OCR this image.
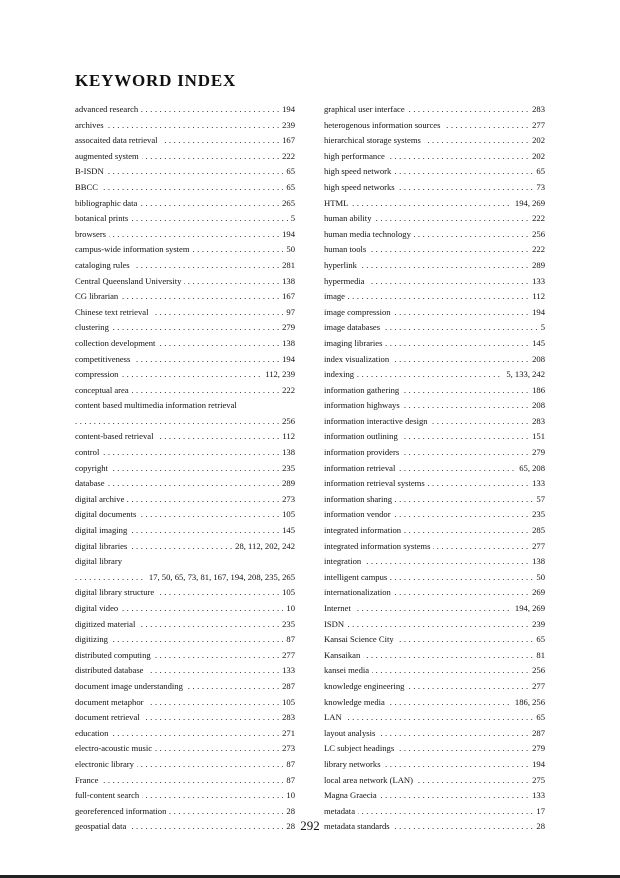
KEYWORD INDEX
. . . advanced research	194
. . . archives	239
. . . assocaited data retrieval	167
. . . augmented system	222
. . . B-ISDN	65
. . . BBCC	65
. . . bibliographic data	265
. . . botanical prints	5
. . . browsers	194
. . . campus-wide information system	50
. . . cataloging rules	281
. . . Central Queensland University	138
. . . CG librarian	167
. . . Chinese text retrieval	97
. . . clustering	279
. . . collection development	138
. . . competitiveness	194
. . . compression	112, 239
. . . conceptual area	222
content based multimedia information retrieval
. . . 256
. . . content-based retrieval	112
. . . control	138
. . . copyright	235
. . . database	289
. . . digital archive	273
. . . digital documents	105
. . . digital imaging	145
. . . digital libraries	28, 112, 202, 242
digital library
. . . 17, 50, 65, 73, 81, 167, 194, 208, 235, 265
. . . digital library structure	105
. . . digital video	10
. . . digitized material	235
. . . digitizing	87
. . . distributed computing	277
. . . distributed database	133
. . . document image understanding	287
. . . document metaphor	105
. . . document retrieval	283
. . . education	271
. . . electro-acoustic music	273
. . . electronic library	87
. . . France	87
. . . full-content search	10
. . . georeferenced information	28
. . . geospatial data	28
. . . graphical user interface	283
. . . heterogenous information sources	277
. . . hierarchical storage systems	202
. . . high performance	202
. . . high speed network	65
. . . high speed networks	73
. . . HTML	194, 269
. . . human ability	222
. . . human media technology	256
. . . human tools	222
. . . hyperlink	289
. . . hypermedia	133
. . . image	112
. . . image compression	194
. . . image databases	5
. . . imaging libraries	145
. . . index visualization	208
. . . indexing	5, 133, 242
. . . information gathering	186
. . . information highways	208
. . . information interactive design	283
. . . information outlining	151
. . . information providers	279
. . . information retrieval	65, 208
. . . information retrieval systems	133
. . . information sharing	57
. . . information vendor	235
. . . integrated information	285
. . . integrated information systems	277
. . . integration	138
. . . intelligent campus	50
. . . internationalization	269
. . . Internet	194, 269
. . . ISDN	239
. . . Kansai Science City	65
. . . Kansaikan	81
. . . kansei media	256
. . . knowledge engineering	277
. . . knowledge media	186, 256
. . . LAN	65
. . . layout analysis	287
. . . LC subject headings	279
. . . library networks	194
. . . local area network (LAN)	275
. . . Magna Graecia	133
. . . metadata	17
. . . metadata standards	28
292
